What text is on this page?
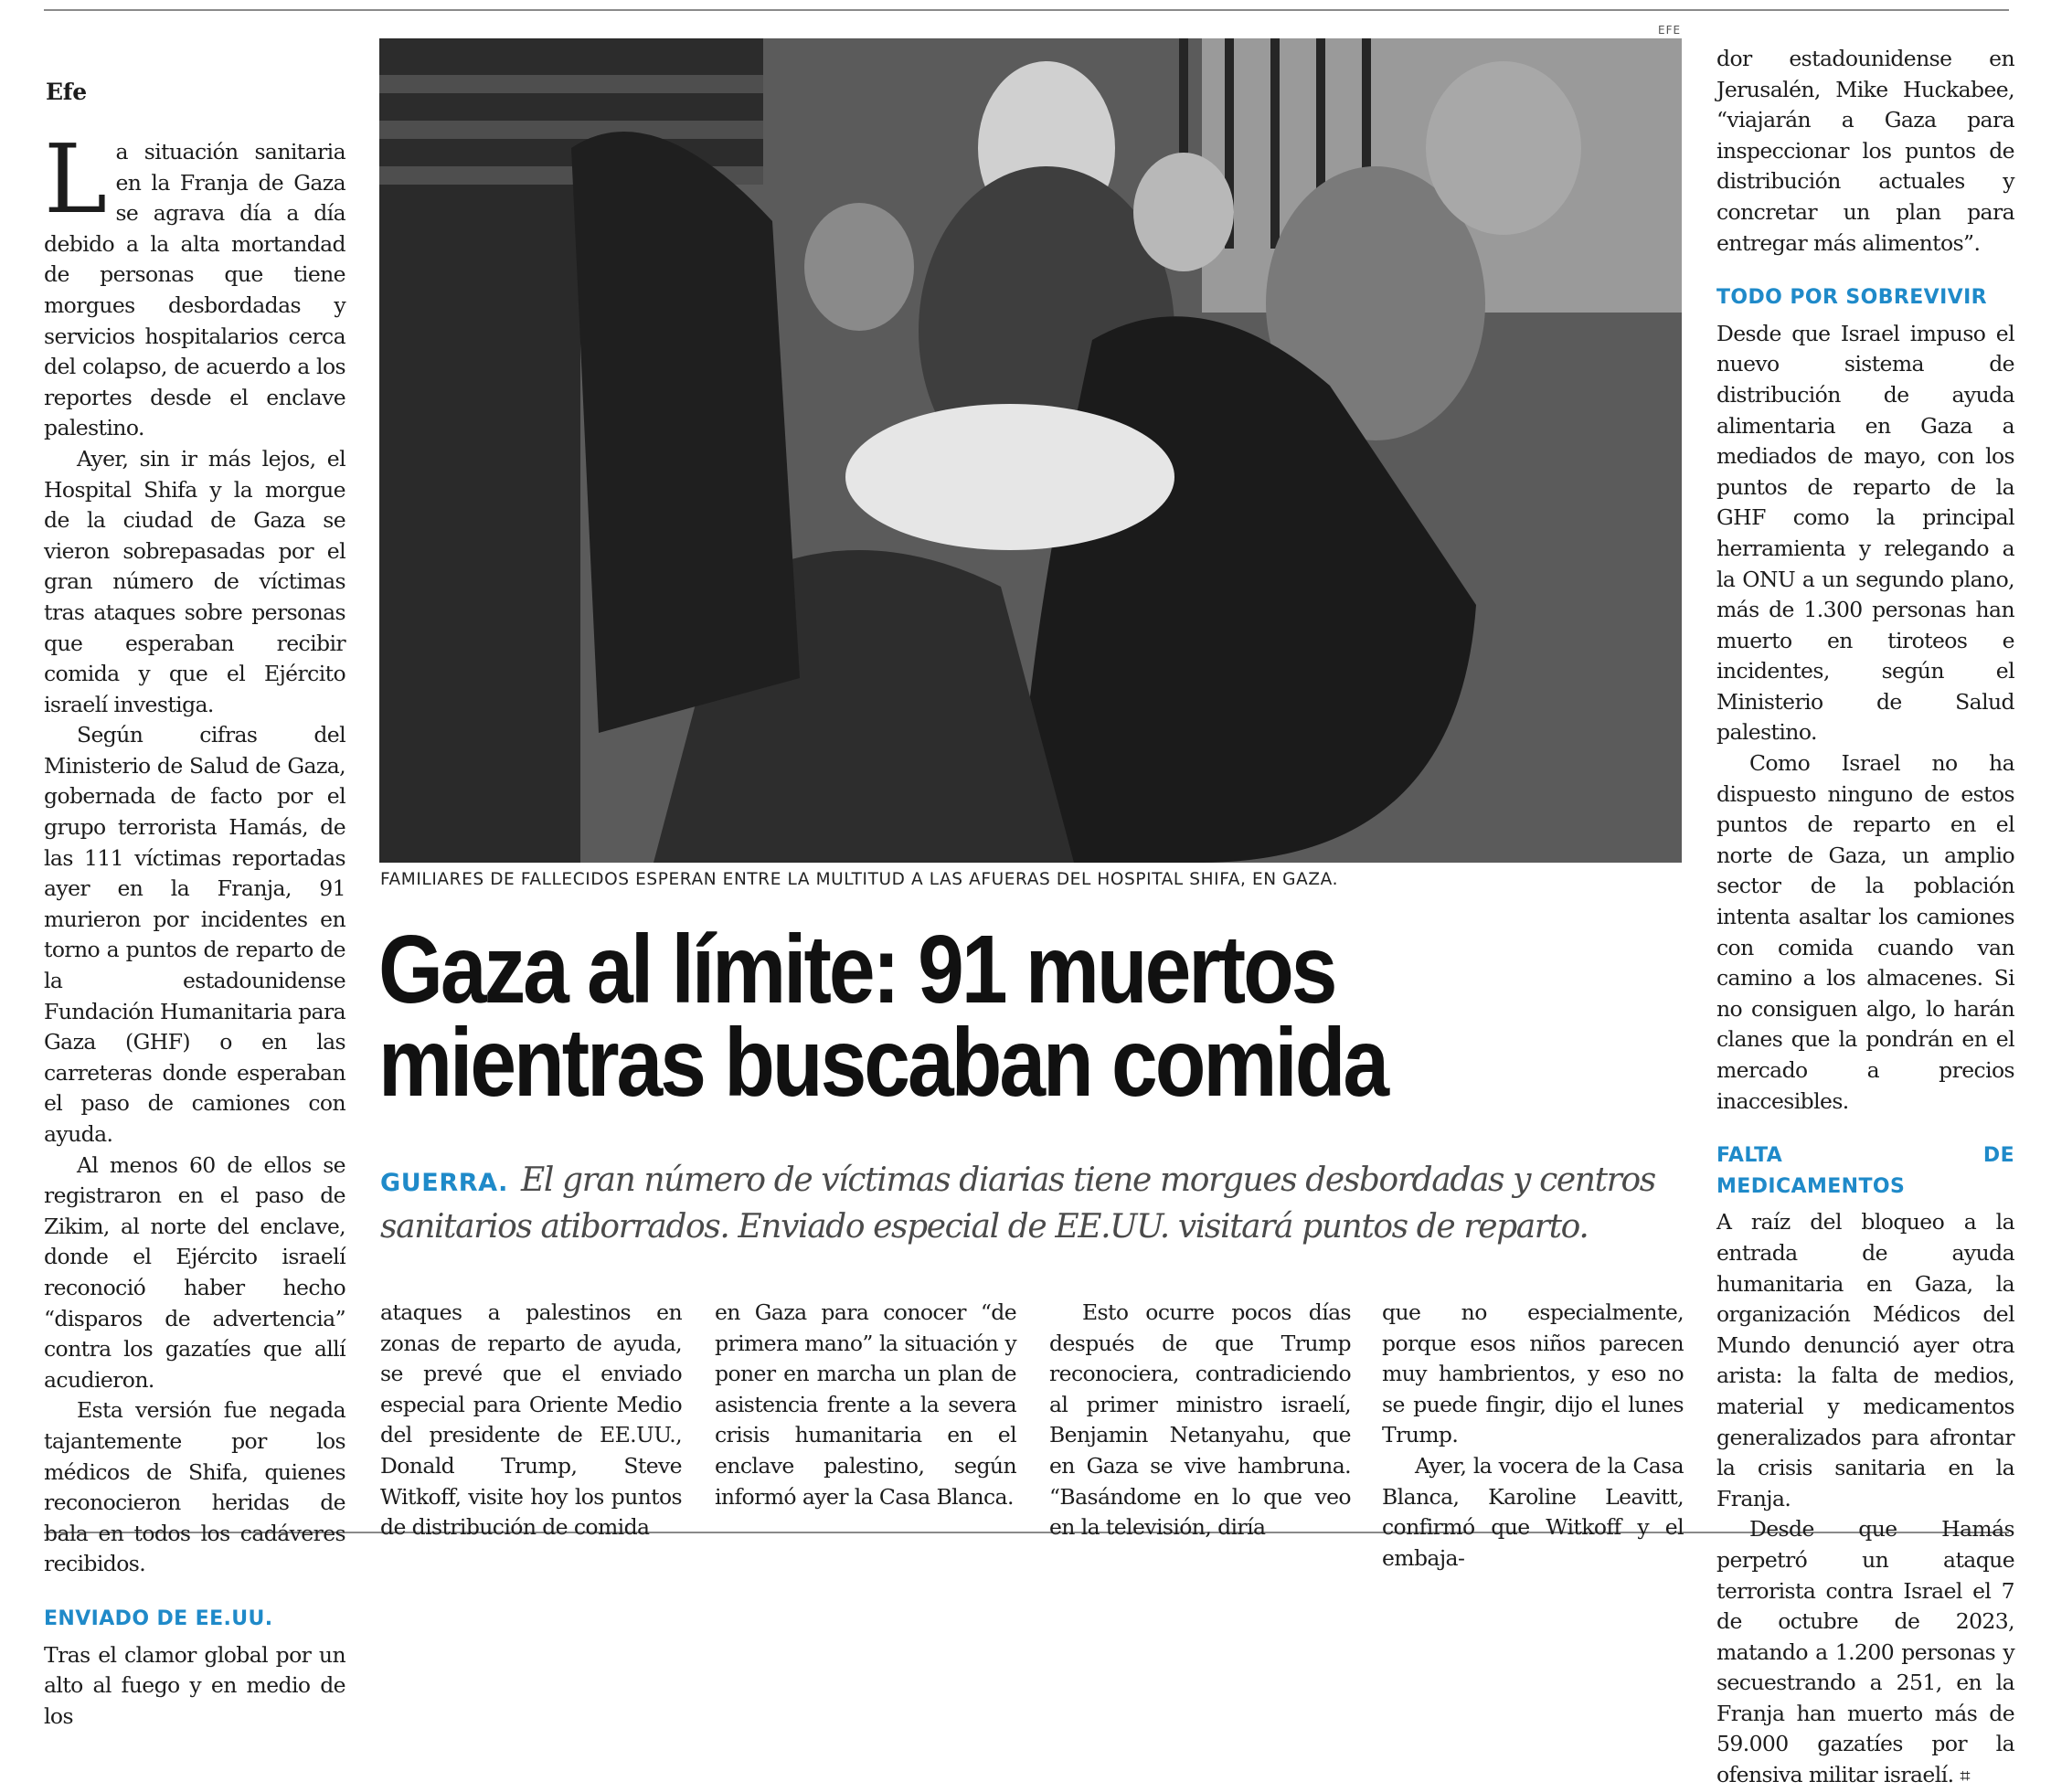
Efe

La situación sanitaria en la Franja de Gaza se agrava día a día debido a la alta mortandad de personas que tiene morgues desbordadas y servicios hospitalarios cerca del colapso, de acuerdo a los reportes desde el enclave palestino.

Ayer, sin ir más lejos, el Hospital Shifa y la morgue de la ciudad de Gaza se vieron sobrepasadas por el gran número de víctimas tras ataques sobre personas que esperaban recibir comida y que el Ejército israelí investiga.

Según cifras del Ministerio de Salud de Gaza, gobernada de facto por el grupo terrorista Hamás, de las 111 víctimas reportadas ayer en la Franja, 91 murieron por incidentes en torno a puntos de reparto de la estadounidense Fundación Humanitaria para Gaza (GHF) o en las carreteras donde esperaban el paso de camiones con ayuda.

Al menos 60 de ellos se registraron en el paso de Zikim, al norte del enclave, donde el Ejército israelí reconoció haber hecho “disparos de advertencia” contra los gazatíes que allí acudieron.

Esta versión fue negada tajantemente por los médicos de Shifa, quienes reconocieron heridas de bala en todos los cadáveres recibidos.

ENVIADO DE EE.UU.

Tras el clamor global por un alto al fuego y en medio de los

EFE
FAMILIARES DE FALLECIDOS ESPERAN ENTRE LA MULTITUD A LAS AFUERAS DEL HOSPITAL SHIFA, EN GAZA.
Gaza al límite: 91 muertos
mientras buscaban comida
GUERRA. El gran número de víctimas diarias tiene morgues desbordadas y centros sanitarios atiborrados. Enviado especial de EE.UU. visitará puntos de reparto.

ataques a palestinos en zonas de reparto de ayuda, se prevé que el enviado especial para Oriente Medio del presidente de EE.UU., Donald Trump, Steve Witkoff, visite hoy los puntos de distribución de comida

en Gaza para conocer “de primera mano” la situación y poner en marcha un plan de asistencia frente a la severa crisis humanitaria en el enclave palestino, según informó ayer la Casa Blanca.

Esto ocurre pocos días después de que Trump reconociera, contradiciendo al primer ministro israelí, Benjamin Netanyahu, que en Gaza se vive hambruna. “Basándome en lo que veo en la televisión, diría

que no especialmente, porque esos niños parecen muy hambrientos, y eso no se puede fingir, dijo el lunes Trump.

Ayer, la vocera de la Casa Blanca, Karoline Leavitt, confirmó que Witkoff y el embaja-

dor estadounidense en Jerusalén, Mike Huckabee, “viajarán a Gaza para inspeccionar los puntos de distribución actuales y concretar un plan para entregar más alimentos”.

TODO POR SOBREVIVIR

Desde que Israel impuso el nuevo sistema de distribución de ayuda alimentaria en Gaza a mediados de mayo, con los puntos de reparto de la GHF como la principal herramienta y relegando a la ONU a un segundo plano, más de 1.300 personas han muerto en tiroteos e incidentes, según el Ministerio de Salud palestino.

Como Israel no ha dispuesto ninguno de estos puntos de reparto en el norte de Gaza, un amplio sector de la población intenta asaltar los camiones con comida cuando van camino a los almacenes. Si no consiguen algo, lo harán clanes que la pondrán en el mercado a precios inaccesibles.

FALTA DE MEDICAMENTOS

A raíz del bloqueo a la entrada de ayuda humanitaria en Gaza, la organización Médicos del Mundo denunció ayer otra arista: la falta de medios, material y medicamentos generalizados para afrontar la crisis sanitaria en la Franja.

Desde que Hamás perpetró un ataque terrorista contra Israel el 7 de octubre de 2023, matando a 1.200 personas y secuestrando a 251, en la Franja han muerto más de 59.000 gazatíes por la ofensiva militar israelí. ⌗
